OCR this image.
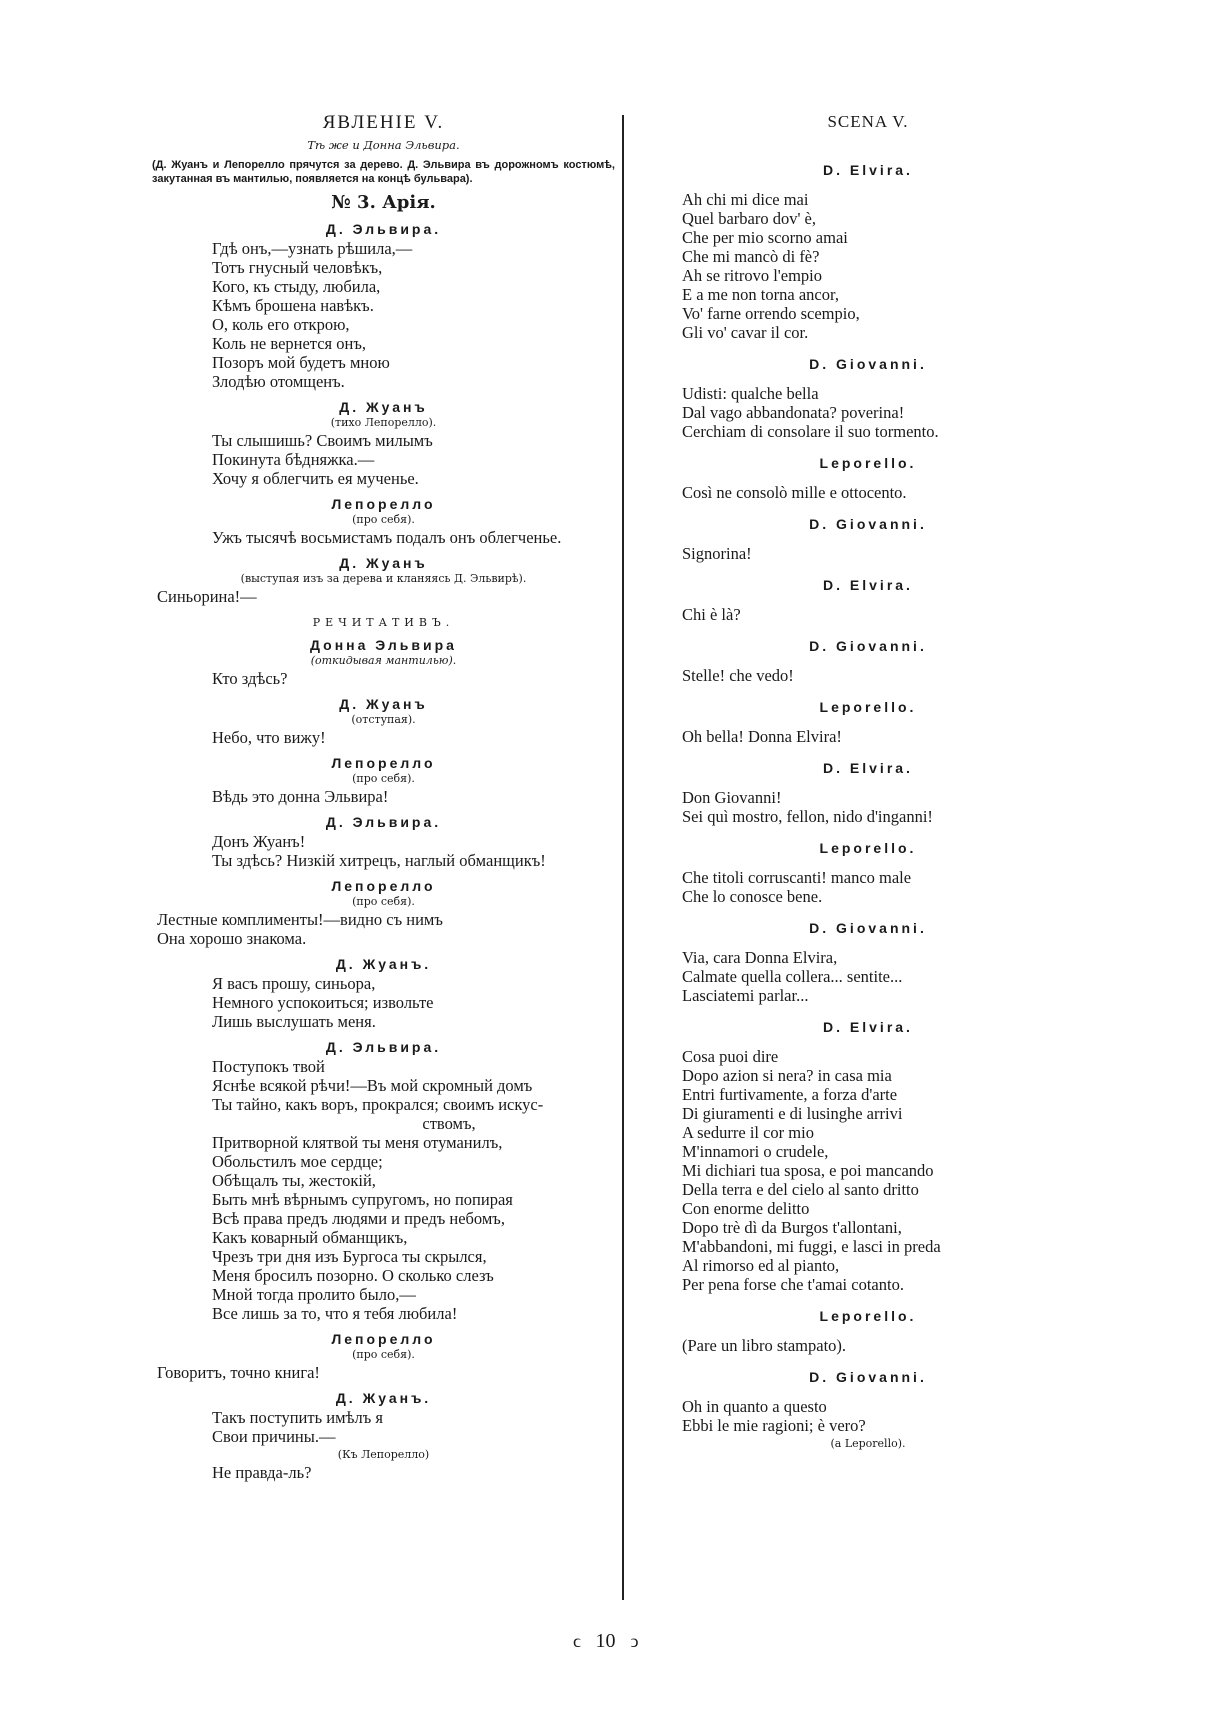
ЯВЛЕНIЕ V.
Тѣ же и Донна Эльвира.
(Д. Жуанъ и Лепорелло прячутся за дерево. Д. Эльвира въ дорожномъ костюмѣ, закутанная въ мантилью, появляется на концѣ бульвара).
№ 3. Арiя.
Д. Эльвира.
Гдѣ онъ,—узнать рѣшила,—
Тотъ гнусный человѣкъ,
Кого, къ стыду, любила,
Кѣмъ брошена навѣкъ.
О, коль его открою,
Коль не вернется онъ,
Позоръ мой будетъ мною
Злодѣю отомщенъ.
Д. Жуанъ
(тихо Лепорелло).
Ты слышишь? Своимъ милымъ
Покинута бѣдняжка.—
Хочу я облегчить ея мученье.
Лепорелло
(про себя).
Ужъ тысячѣ восьмистамъ подалъ онъ облегченье.
Д. Жуанъ
(выступая изъ за дерева и кланяясь Д. Эльвирѣ).
Синьорина!—
РЕЧИТАТИВЪ.
Донна Эльвира
(откидывая мантилью).
Кто здѣсь?
Д. Жуанъ
(отступая).
Небо, что вижу!
Лепорелло
(про себя).
Вѣдь это донна Эльвира!
Д. Эльвира.
Донъ Жуанъ!
Ты здѣсь? Низкiй хитрецъ, наглый обманщикъ!
Лепорелло
(про себя).
Лестные комплименты!—видно съ нимъ
Она хорошо знакома.
Д. Жуанъ.
Я васъ прошу, синьора,
Немного успокоиться; извольте
Лишь выслушать меня.
Д. Эльвира.
Поступокъ твой
Яснѣе всякой рѣчи!—Въ мой скромный домъ
Ты тайно, какъ воръ, прокрался; своимъ искус-
ствомъ,
Притворной клятвой ты меня отуманилъ,
Обольстилъ мое сердце;
Обѣщалъ ты, жестокiй,
Быть мнѣ вѣрнымъ супругомъ, но попирая
Всѣ права предъ людями и предъ небомъ,
Какъ коварный обманщикъ,
Чрезъ три дня изъ Бургоса ты скрылся,
Меня бросилъ позорно. О сколько слезъ
Мной тогда пролито было,—
Все лишь за то, что я тебя любила!
Лепорелло
(про себя).
Говоритъ, точно книга!
Д. Жуанъ.
Такъ поступить имѣлъ я
Свои причины.—
(Къ Лепорелло)
Не правда-ль?
SCENA V.
D. Elvira.
Ah chi mi dice mai
Quel barbaro dov' è,
Che per mio scorno amai
Che mi mancò di fè?
Ah se ritrovo l'empio
E a me non torna ancor,
Vo' farne orrendo scempio,
Gli vo' cavar il cor.
D. Giovanni.
Udisti: qualche bella
Dal vago abbandonata? poverina!
Cerchiam di consolare il suo tormento.
Leporello.
Così ne consolò mille e ottocento.
D. Giovanni.
Signorina!
D. Elvira.
Chi è là?
D. Giovanni.
Stelle! che vedo!
Leporello.
Oh bella! Donna Elvira!
D. Elvira.
Don Giovanni!
Sei quì mostro, fellon, nido d'inganni!
Leporello.
Che titoli corruscanti! manco male
Che lo conosce bene.
D. Giovanni.
Via, cara Donna Elvira,
Calmate quella collera... sentite...
Lasciatemi parlar...
D. Elvira.
Cosa puoi dire
Dopo azion si nera? in casa mia
Entri furtivamente, a forza d'arte
Di giuramenti e di lusinghe arrivi
A sedurre il cor mio
M'innamori o crudele,
Mi dichiari tua sposa, e poi mancando
Della terra e del cielo al santo dritto
Con enorme delitto
Dopo trè dì da Burgos t'allontani,
M'abbandoni, mi fuggi, e lasci in preda
Al rimorso ed al pianto,
Per pena forse che t'amai cotanto.
Leporello.
(Pare un libro stampato).
D. Giovanni.
Oh in quanto a questo
Ebbi le mie ragioni; è vero?
(a Leporello).
ↄ 10 ↄ
